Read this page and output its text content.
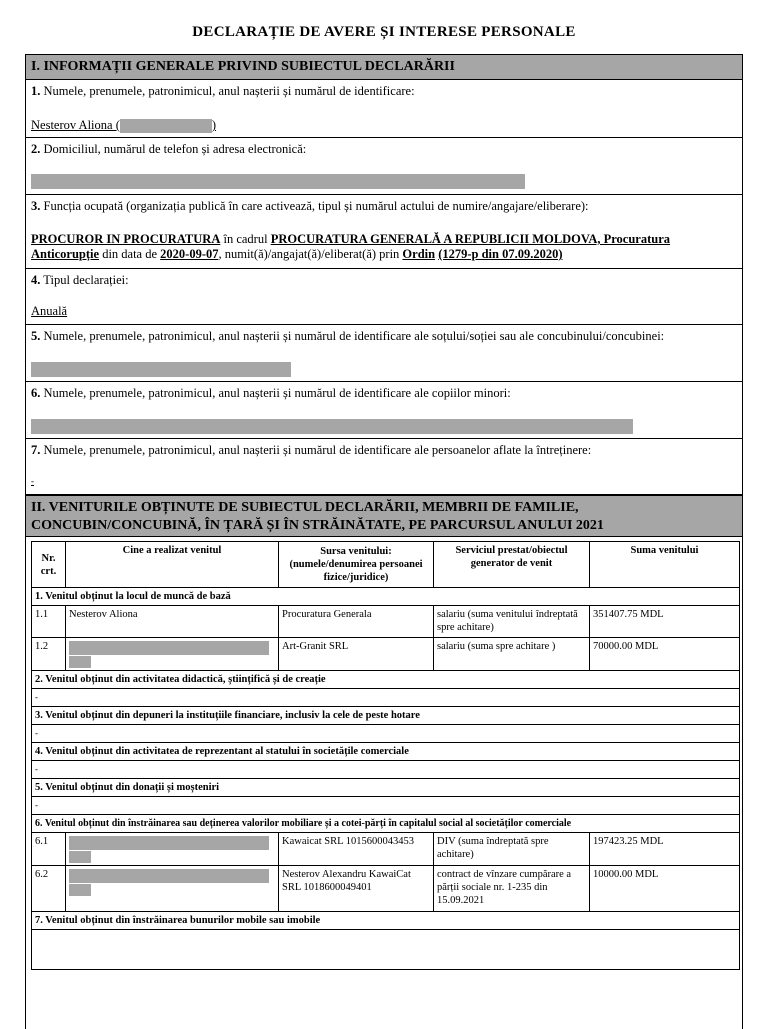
DECLARAȚIE DE AVERE ȘI INTERESE PERSONALE
I. INFORMAȚII GENERALE PRIVIND SUBIECTUL DECLARĂRII
1. Numele, prenumele, patronimicul, anul nașterii și numărul de identificare:
Nesterov Aliona (	)
2. Domiciliul, numărul de telefon și adresa electronică:
3. Funcția ocupată (organizația publică în care activează, tipul și numărul actului de numire/angajare/eliberare):
PROCUROR IN PROCURATURA în cadrul PROCURATURA GENERALĂ A REPUBLICII MOLDOVA, Procuratura Anticorupție din data de 2020-09-07, numit(ă)/angajat(ă)/eliberat(ă) prin Ordin (1279-p din 07.09.2020)
4. Tipul declarației:
Anuală
5. Numele, prenumele, patronimicul, anul nașterii și numărul de identificare ale soțului/soției sau ale concubinului/concubinei:
6. Numele, prenumele, patronimicul, anul nașterii și numărul de identificare ale copiilor minori:
7. Numele, prenumele, patronimicul, anul nașterii și numărul de identificare ale persoanelor aflate la întreținere:
-
II. VENITURILE OBȚINUTE DE SUBIECTUL DECLARĂRII, MEMBRII DE FAMILIE,
CONCUBIN/CONCUBINĂ, ÎN ȚARĂ ȘI ÎN STRĂINĂTATE, PE PARCURSUL ANULUI 2021
Nr. crt.	Cine a realizat venitul	Sursa venitului: (numele/denumirea persoanei fizice/juridice)	Serviciul prestat/obiectul generator de venit	Suma venitului
1. Venitul obținut la locul de muncă de bază				
1.1	Nesterov Aliona	Procuratura Generala	salariu (suma venitului îndreptată spre achitare)	351407.75 MDL
1.2		Art-Granit SRL	salariu (suma spre achitare )	70000.00 MDL
2. Venitul obținut din activitatea didactică, științifică și de creație				
-				
3. Venitul obținut din depuneri la instituțiile financiare, inclusiv la cele de peste hotare				
-				
4. Venitul obținut din activitatea de reprezentant al statului în societățile comerciale				
-				
5. Venitul obținut din donații și moșteniri				
-				
6. Venitul obținut din înstrăinarea sau deținerea valorilor mobiliare și a cotei-părți în capitalul social al societăților comerciale				
6.1		Kawaicat SRL 1015600043453	DIV (suma îndreptată spre achitare)	197423.25 MDL
6.2		Nesterov Alexandru KawaiCat SRL 1018600049401	contract de vînzare cumpărare a părții sociale nr. 1-235 din 15.09.2021	10000.00 MDL
7. Venitul obținut din înstrăinarea bunurilor mobile sau imobile				
